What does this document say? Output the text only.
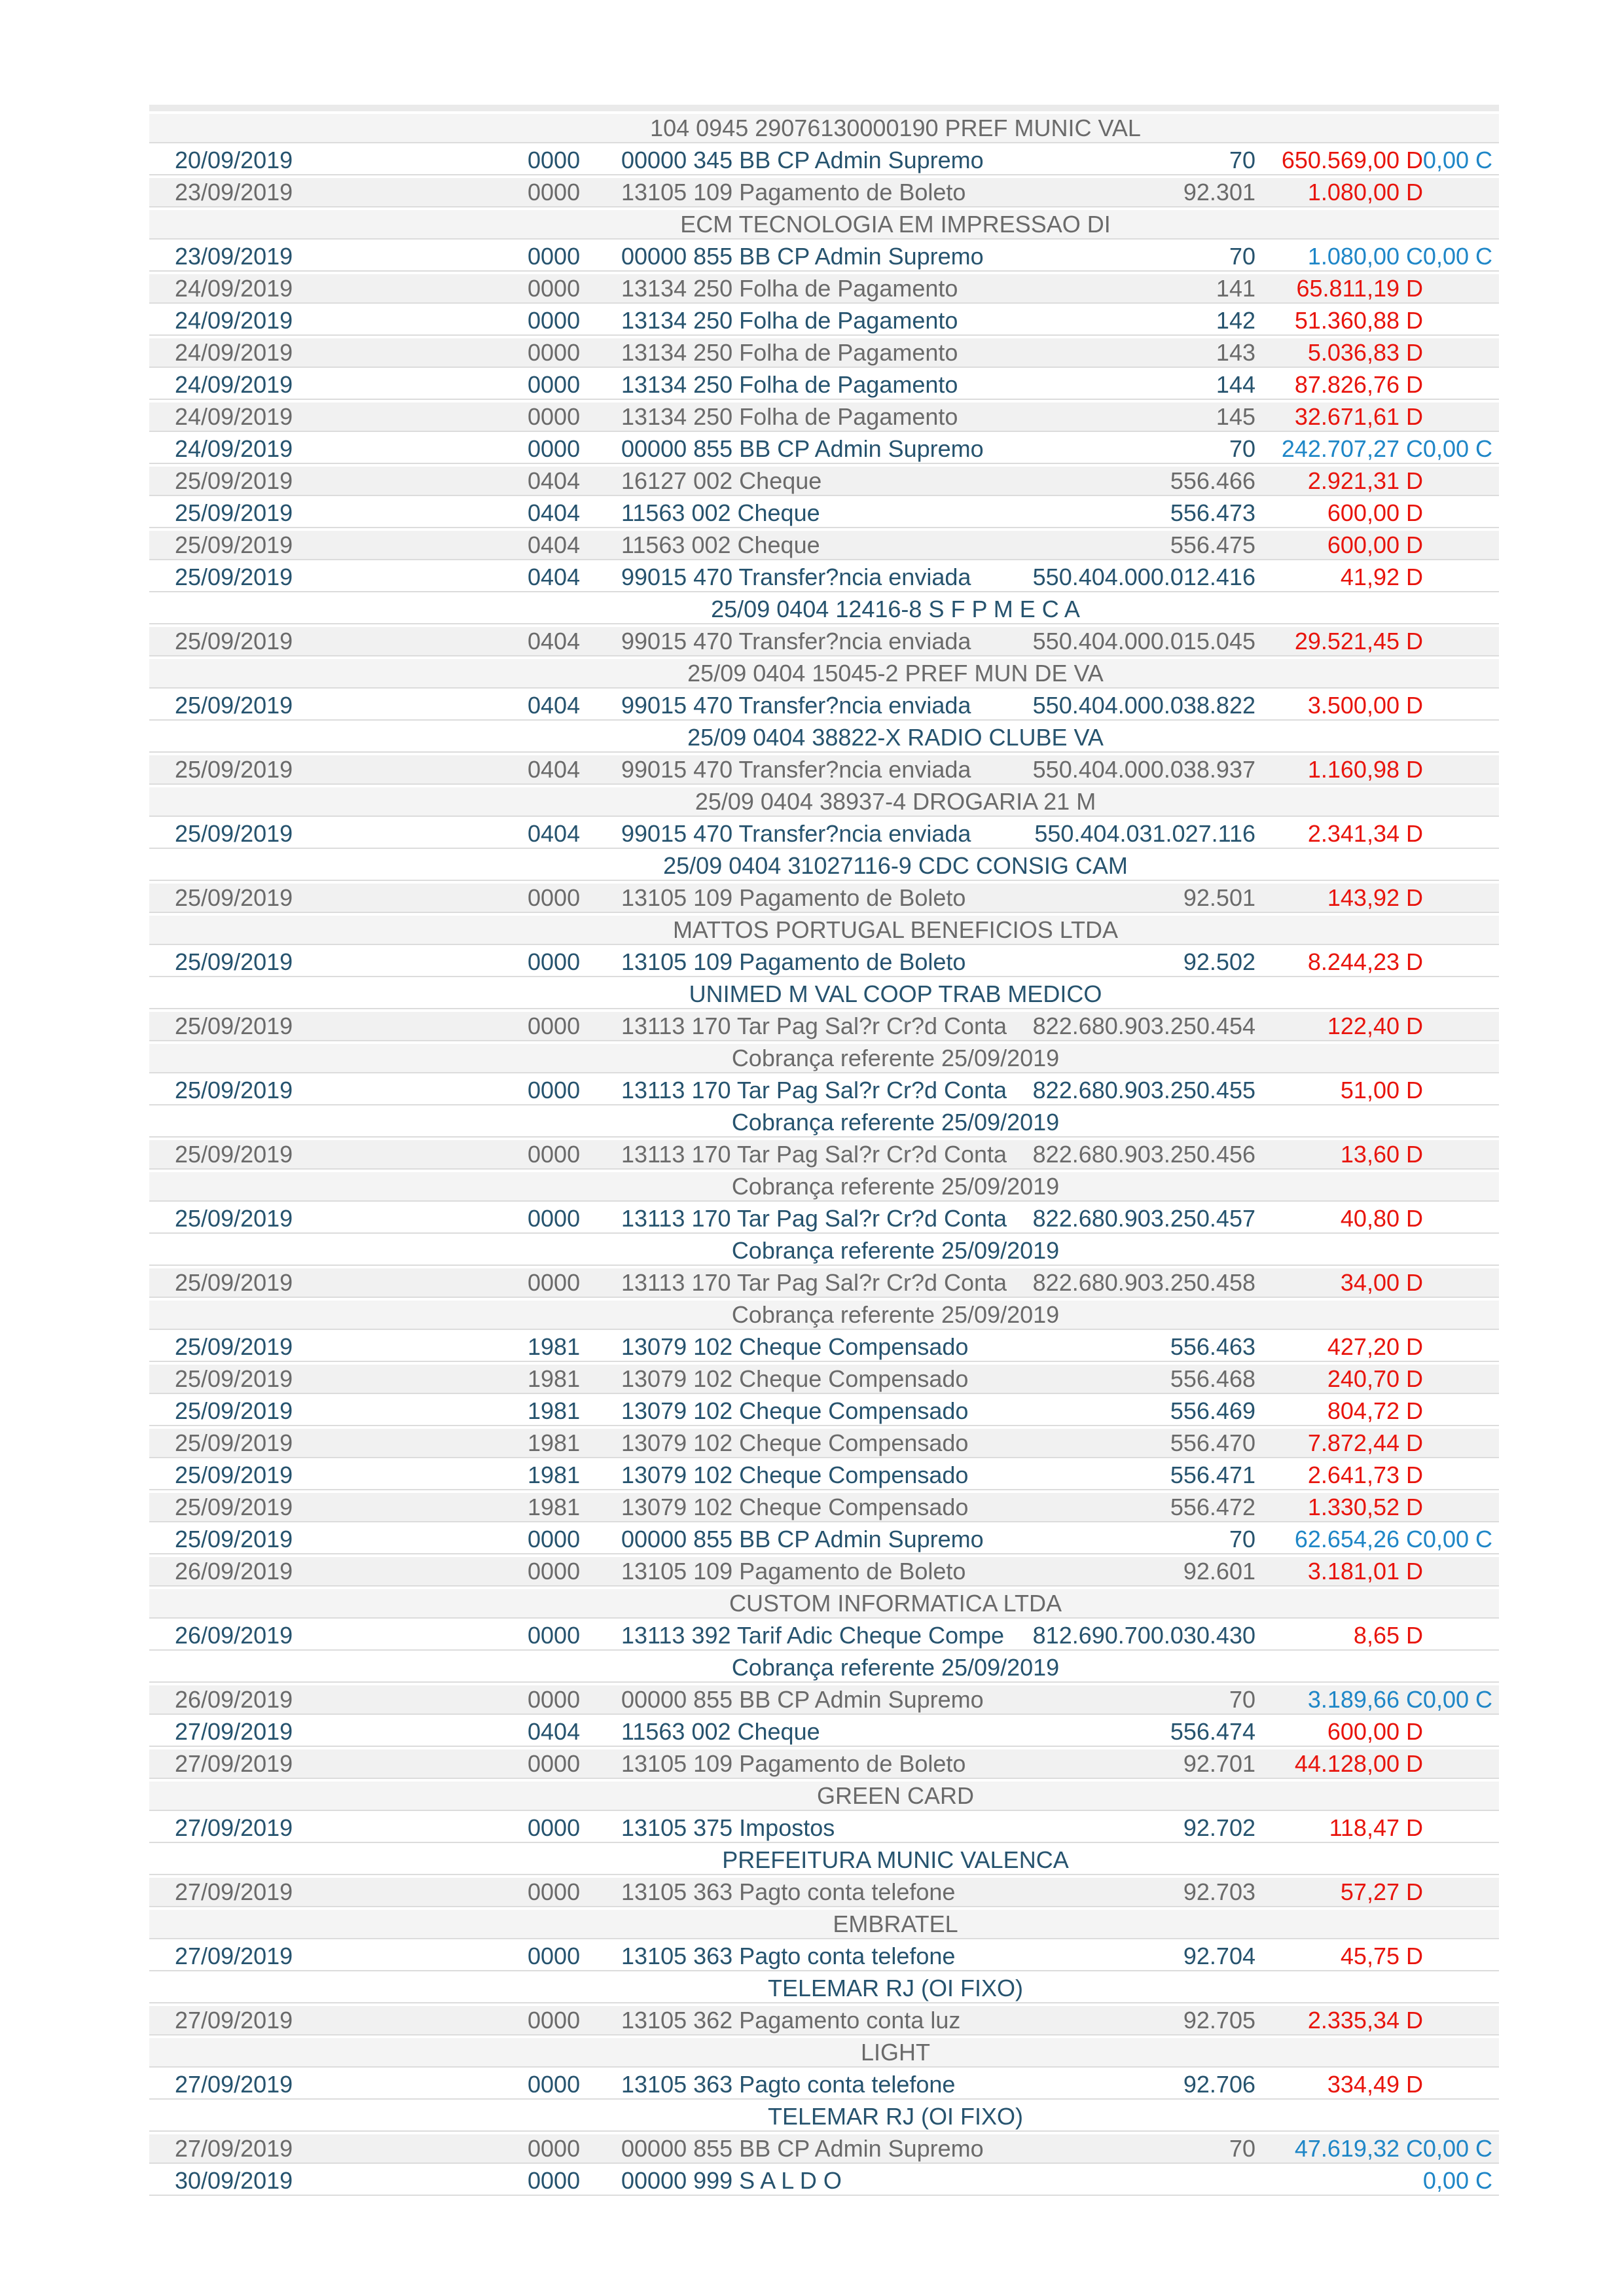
104 0945 29076130000190 PREF MUNIC VAL
20/09/2019	0000 00000 345 BB CP Admin Supremo	70	650.569,00 D 0,00 C
23/09/2019	0000 13105 109 Pagamento de Boleto	92.301	1.080,00 D
ECM TECNOLOGIA EM IMPRESSAO DI
23/09/2019	0000 00000 855 BB CP Admin Supremo	70	1.080,00 C 0,00 C
24/09/2019	0000 13134 250 Folha de Pagamento	141	65.811,19 D
24/09/2019	0000 13134 250 Folha de Pagamento	142	51.360,88 D
24/09/2019	0000 13134 250 Folha de Pagamento	143	5.036,83 D
24/09/2019	0000 13134 250 Folha de Pagamento	144	87.826,76 D
24/09/2019	0000 13134 250 Folha de Pagamento	145	32.671,61 D
24/09/2019	0000 00000 855 BB CP Admin Supremo	70	242.707,27 C 0,00 C
25/09/2019	0404 16127 002 Cheque	556.466	2.921,31 D
25/09/2019	0404 11563 002 Cheque	556.473	600,00 D
25/09/2019	0404 11563 002 Cheque	556.475	600,00 D
25/09/2019	0404 99015 470 Transfer?ncia enviada	550.404.000.012.416	41,92 D
25/09 0404 12416-8 S F P M E C A
25/09/2019	0404 99015 470 Transfer?ncia enviada	550.404.000.015.045	29.521,45 D
25/09 0404 15045-2 PREF MUN DE VA
25/09/2019	0404 99015 470 Transfer?ncia enviada	550.404.000.038.822	3.500,00 D
25/09 0404 38822-X RADIO CLUBE VA
25/09/2019	0404 99015 470 Transfer?ncia enviada	550.404.000.038.937	1.160,98 D
25/09 0404 38937-4 DROGARIA 21 M
25/09/2019	0404 99015 470 Transfer?ncia enviada	550.404.031.027.116	2.341,34 D
25/09 0404 31027116-9 CDC CONSIG CAM
25/09/2019	0000 13105 109 Pagamento de Boleto	92.501	143,92 D
MATTOS PORTUGAL BENEFICIOS LTDA
25/09/2019	0000 13105 109 Pagamento de Boleto	92.502	8.244,23 D
UNIMED M VAL COOP TRAB MEDICO
25/09/2019	0000 13113 170 Tar Pag Sal?r Cr?d Conta	822.680.903.250.454	122,40 D
Cobrança referente 25/09/2019
25/09/2019	0000 13113 170 Tar Pag Sal?r Cr?d Conta	822.680.903.250.455	51,00 D
Cobrança referente 25/09/2019
25/09/2019	0000 13113 170 Tar Pag Sal?r Cr?d Conta	822.680.903.250.456	13,60 D
Cobrança referente 25/09/2019
25/09/2019	0000 13113 170 Tar Pag Sal?r Cr?d Conta	822.680.903.250.457	40,80 D
Cobrança referente 25/09/2019
25/09/2019	0000 13113 170 Tar Pag Sal?r Cr?d Conta	822.680.903.250.458	34,00 D
Cobrança referente 25/09/2019
25/09/2019	1981 13079 102 Cheque Compensado	556.463	427,20 D
25/09/2019	1981 13079 102 Cheque Compensado	556.468	240,70 D
25/09/2019	1981 13079 102 Cheque Compensado	556.469	804,72 D
25/09/2019	1981 13079 102 Cheque Compensado	556.470	7.872,44 D
25/09/2019	1981 13079 102 Cheque Compensado	556.471	2.641,73 D
25/09/2019	1981 13079 102 Cheque Compensado	556.472	1.330,52 D
25/09/2019	0000 00000 855 BB CP Admin Supremo	70	62.654,26 C 0,00 C
26/09/2019	0000 13105 109 Pagamento de Boleto	92.601	3.181,01 D
CUSTOM INFORMATICA LTDA
26/09/2019	0000 13113 392 Tarif Adic Cheque Compe	812.690.700.030.430	8,65 D
Cobrança referente 25/09/2019
26/09/2019	0000 00000 855 BB CP Admin Supremo	70	3.189,66 C 0,00 C
27/09/2019	0404 11563 002 Cheque	556.474	600,00 D
27/09/2019	0000 13105 109 Pagamento de Boleto	92.701	44.128,00 D
GREEN CARD
27/09/2019	0000 13105 375 Impostos	92.702	118,47 D
PREFEITURA MUNIC VALENCA
27/09/2019	0000 13105 363 Pagto conta telefone	92.703	57,27 D
EMBRATEL
27/09/2019	0000 13105 363 Pagto conta telefone	92.704	45,75 D
TELEMAR RJ (OI FIXO)
27/09/2019	0000 13105 362 Pagamento conta luz	92.705	2.335,34 D
LIGHT
27/09/2019	0000 13105 363 Pagto conta telefone	92.706	334,49 D
TELEMAR RJ (OI FIXO)
27/09/2019	0000 00000 855 BB CP Admin Supremo	70	47.619,32 C 0,00 C
30/09/2019	0000 00000 999 S A L D O	0,00 C
